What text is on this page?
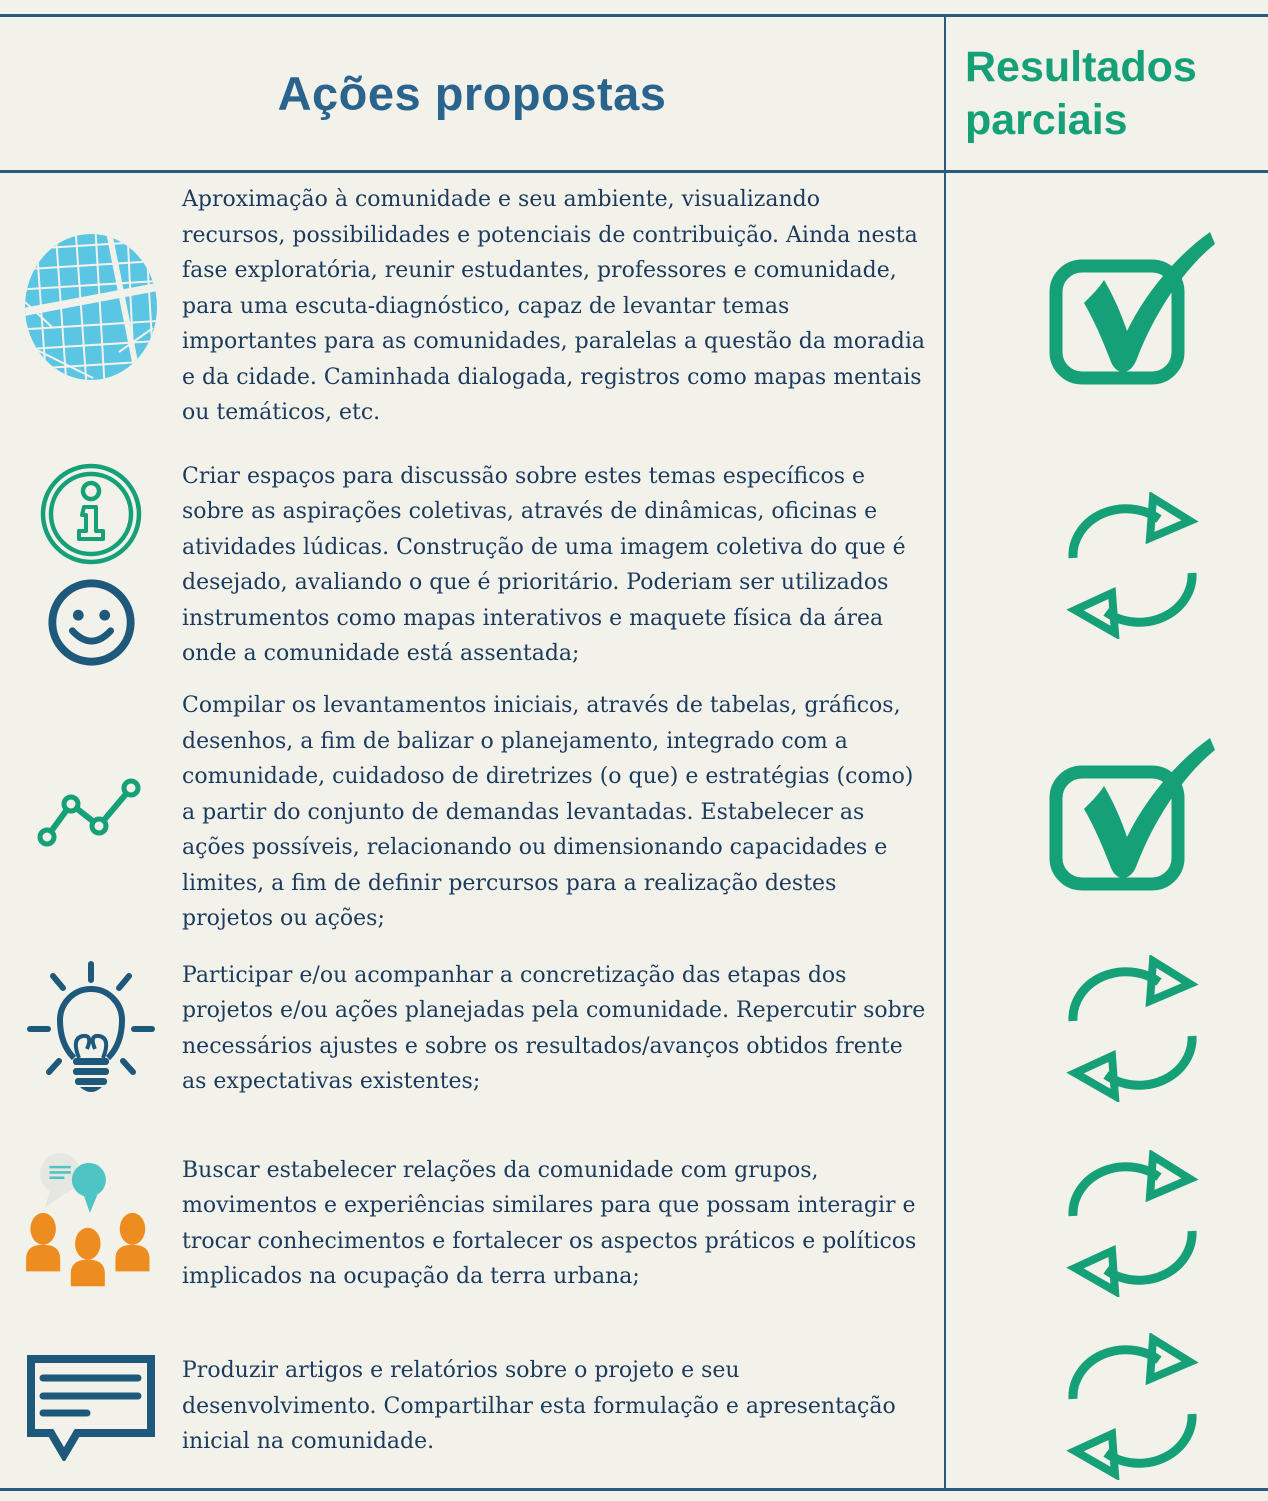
Ações propostas	Resultados parciais

Aproximação à comunidade e seu ambiente, visualizando recursos, possibilidades e potenciais de contribuição. Ainda nesta fase exploratória, reunir estudantes, professores e comunidade, para uma escuta-diagnóstico, capaz de levantar temas importantes para as comunidades, paralelas a questão da moradia e da cidade. Caminhada dialogada, registros como mapas mentais ou temáticos, etc.

Criar espaços para discussão sobre estes temas específicos e sobre as aspirações coletivas, através de dinâmicas, oficinas e atividades lúdicas. Construção de uma imagem coletiva do que é desejado, avaliando o que é prioritário. Poderiam ser utilizados instrumentos como mapas interativos e maquete física da área onde a comunidade está assentada;

Compilar os levantamentos iniciais, através de tabelas, gráficos, desenhos, a fim de balizar o planejamento, integrado com a comunidade, cuidadoso de diretrizes (o que) e estratégias (como) a partir do conjunto de demandas levantadas. Estabelecer as ações possíveis, relacionando ou dimensionando capacidades e limites, a fim de definir percursos para a realização destes projetos ou ações;

Participar e/ou acompanhar a concretização das etapas dos projetos e/ou ações planejadas pela comunidade. Repercutir sobre necessários ajustes e sobre os resultados/avanços obtidos frente as expectativas existentes;

Buscar estabelecer relações da comunidade com grupos, movimentos e experiências similares para que possam interagir e trocar conhecimentos e fortalecer os aspectos práticos e políticos implicados na ocupação da terra urbana;

Produzir artigos e relatórios sobre o projeto e seu desenvolvimento. Compartilhar esta formulação e apresentação inicial na comunidade.
